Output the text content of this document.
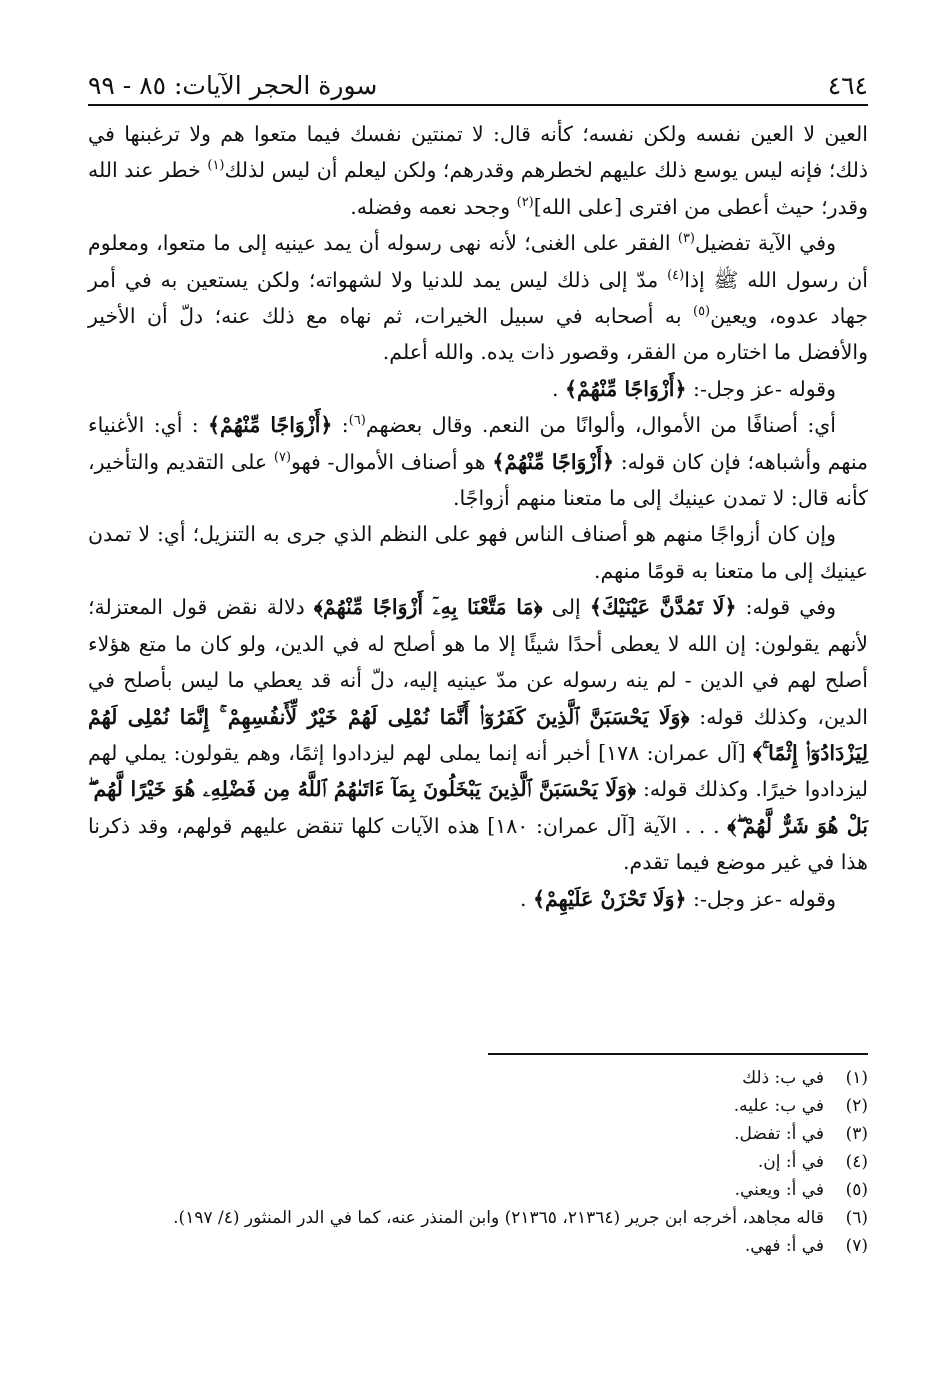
٤٦٤
سورة الحجر الآيات: ٨٥ - ٩٩

العين لا العين نفسه ولكن نفسه؛ كأنه قال: لا تمنتين نفسك فيما متعوا هم ولا ترغبنها في ذلك؛ فإنه ليس يوسع ذلك عليهم لخطرهم وقدرهم؛ ولكن ليعلم أن ليس لذلك$^{(١)}$ خطر عند الله وقدر؛ حيث أعطى من افترى [على الله]$^{(٢)}$ وجحد نعمه وفضله.

وفي الآية تفضيل$^{(٣)}$ الفقر على الغنى؛ لأنه نهى رسوله أن يمد عينيه إلى ما متعوا، ومعلوم أن رسول الله ﷺ إذا$^{(٤)}$ مدّ إلى ذلك ليس يمد للدنيا ولا لشهواته؛ ولكن يستعين به في أمر جهاد عدوه، ويعين$^{(٥)}$ به أصحابه في سبيل الخيرات، ثم نهاه مع ذلك عنه؛ دلّ أن الأخير والأفضل ما اختاره من الفقر، وقصور ذات يده. والله أعلم.

وقوله -عز وجل-: ﴿أَزْوَاجًا مِّنْهُمْ﴾ .

أي: أصنافًا من الأموال، وألوانًا من النعم. وقال بعضهم$^{(٦)}$: ﴿أَزْوَاجًا مِّنْهُمْ﴾ : أي: الأغنياء منهم وأشباهه؛ فإن كان قوله: ﴿أَزْوَاجًا مِّنْهُمْ﴾ هو أصناف الأموال- فهو$^{(٧)}$ على التقديم والتأخير، كأنه قال: لا تمدن عينيك إلى ما متعنا منهم أزواجًا.

وإن كان أزواجًا منهم هو أصناف الناس فهو على النظم الذي جرى به التنزيل؛ أي: لا تمدن عينيك إلى ما متعنا به قومًا منهم.

وفي قوله: ﴿لَا تَمُدَّنَّ عَيْنَيْكَ﴾ إلى ﴿مَا مَتَّعْنَا بِهِۦٓ أَزْوَاجًا مِّنْهُمْ﴾ دلالة نقض قول المعتزلة؛ لأنهم يقولون: إن الله لا يعطى أحدًا شيئًا إلا ما هو أصلح له في الدين، ولو كان ما متع هؤلاء أصلح لهم في الدين - لم ينه رسوله عن مدّ عينيه إليه، دلّ أنه قد يعطي ما ليس بأصلح في الدين، وكذلك قوله: ﴿وَلَا يَحْسَبَنَّ ٱلَّذِينَ كَفَرُوٓا۟ أَنَّمَا نُمْلِى لَهُمْ خَيْرٌ لِّأَنفُسِهِمْ ۚ إِنَّمَا نُمْلِى لَهُمْ لِيَزْدَادُوٓا۟ إِثْمًا ۚ﴾ [آل عمران: ١٧٨] أخبر أنه إنما يملى لهم ليزدادوا إثمًا، وهم يقولون: يملي لهم ليزدادوا خيرًا. وكذلك قوله: ﴿وَلَا يَحْسَبَنَّ ٱلَّذِينَ يَبْخَلُونَ بِمَآ ءَاتَىٰهُمُ ٱللَّهُ مِن فَضْلِهِۦ هُوَ خَيْرًا لَّهُم ۖ بَلْ هُوَ شَرٌّ لَّهُمْ ۖ﴾ . . . الآية [آل عمران: ١٨٠] هذه الآيات كلها تنقض عليهم قولهم، وقد ذكرنا هذا في غير موضع فيما تقدم.

وقوله -عز وجل-: ﴿وَلَا تَحْزَنْ عَلَيْهِمْ﴾ .

(١)
في ب: ذلك
(٢)
في ب: عليه.
(٣)
في أ: تفضل.
(٤)
في أ: إن.
(٥)
في أ: ويعني.
(٦)
قاله مجاهد، أخرجه ابن جرير (٢١٣٦٤، ٢١٣٦٥) وابن المنذر عنه، كما في الدر المنثور (٤/ ١٩٧).
(٧)
في أ: فهي.
